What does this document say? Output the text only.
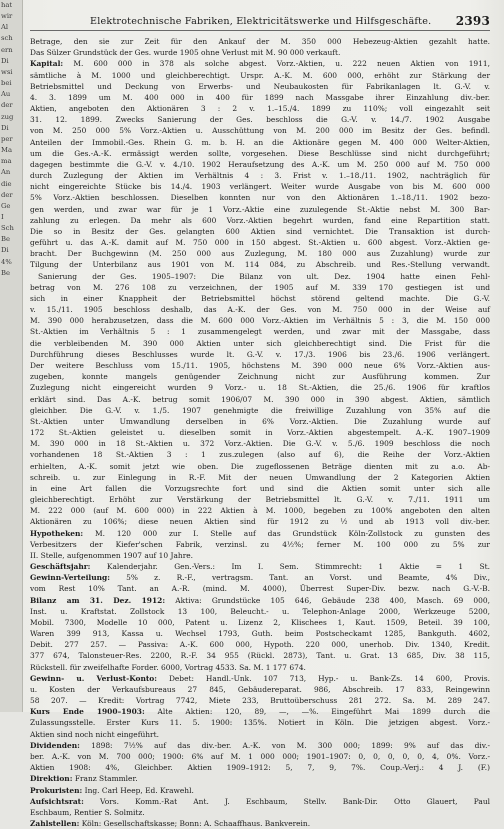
hat
wir
Al
sch
ern
Di
wsi
bei
Au
der
zug
Di
per
Ma
ma
An
die
der
Ge
I
Sch
Be
Di
4%
Be
Elektrotechnische Fabriken, Elektricitätswerke und Hilfsgeschäfte. 2393
Betrage, den sie zur Zeit für den Ankauf der M. 350 000 Hebezeug-Aktien gezahlt hatte.
Das Sülzer Grundstück der Ges. wurde 1905 ohne Verlust mit M. 90 000 verkauft.
Kapital: M. 600 000 in 378 als solche abgest. Vorz.-Aktien, u. 222 neuen Aktien von 1911,
sämtliche à M. 1000 und gleichberechtigt. Urspr. A.-K. M. 600 000, erhöht zur Stärkung der
Betriebsmittel und Deckung von Erwerbs- und Neubaukosten für Fabrikanlagen lt. G.-V. v.
4. 3. 1899 um M. 400 000 in 400 für 1899 nach Massgabe ihrer Einzahlung div.-ber.
Aktien, angeboten den Aktionären 3 : 2 v. 1.–15./4. 1899 zu 110%; voll eingezahlt seit
31. 12. 1899. Zwecks Sanierung der Ges. beschloss die G.-V. v. 14./7. 1902 Ausgabe
von M. 250 000 5% Vorz.-Aktien u. Ausschüttung von M. 200 000 im Besitz der Ges. befindl.
Anteilen der Immobil.-Ges. Rhein G. m. b. H. an die Aktionäre gegen M. 400 000 Welter-Aktien,
um die Ges.-A.-K. ermässigt werden sollte, vorgesehen. Diese Beschlüsse sind nicht durchgeführt;
dagegen bestimmte die G.-V. v. 4./10. 1902 Heraufsetzung des A.-K. um M. 250 000 auf M. 750 000
durch Zuzlegung der Aktien im Verhältnis 4 : 3. Frist v. 1.–18./11. 1902, nachträglich für
nicht eingereichte Stücke bis 14./4. 1903 verlängert. Weiter wurde Ausgabe von bis M. 600 000
5% Vorz.-Aktien beschlossen. Dieselben konnten nur von den Aktionären 1.–18./11. 1902 bezo-
gen werden, und zwar war für je 1 Vorz.-Aktie eine zuzulegende St.-Aktie nebst M. 300 Bar-
zahlung zu erlegen. Da mehr als 600 Vorz.-Aktien begehrt wurden, fand eine Repartition statt.
Die so in Besitz der Ges. gelangten 600 Aktien sind vernichtet. Die Transaktion ist durch-
geführt u. das A.-K. damit auf M. 750 000 in 150 abgest. St.-Aktien u. 600 abgest. Vorz.-Aktien ge-
bracht. Der Buchgewinn (M. 250 000 aus Zuzlegung, M. 180 000 aus Zuzahlung) wurde zur
Tilgung der Unterbilanz aus 1901 von M. 114 084, zu Abschreib. und Res.-Stellung verwandt.
Sanierung der Ges. 1905–1907: Die Bilanz von ult. Dez. 1904 hatte einen Fehl-
betrag von M. 276 108 zu verzeichnen, der 1905 auf M. 339 170 gestiegen ist und
sich in einer Knappheit der Betriebsmittel höchst störend geltend machte. Die G.-V.
v. 15./11. 1905 beschloss deshalb, das A.-K. der Ges. von M. 750 000 in der Weise auf
M. 390 000 herabzusetzen, dass die M. 600 000 Vorz.-Aktien im Verhältnis 5 : 3, die M. 150 000
St.-Aktien im Verhältnis 5 : 1 zusammengelegt werden, und zwar mit der Massgabe, dass
die verbleibenden M. 390 000 Aktien unter sich gleichberechtigt sind. Die Frist für die
Durchführung dieses Beschlusses wurde lt. G.-V. v. 17./3. 1906 bis 23./6. 1906 verlängert.
Der weitere Beschluss vom 15./11. 1905, höchstens M. 390 000 neue 6% Vorz.-Aktien aus-
zugeben, konnte mangels genügender Zeichnung nicht zur Ausführung kommen. Zur
Zuzlegung nicht eingereicht wurden 9 Vorz.- u. 18 St.-Aktien, die 25./6. 1906 für kraftlos
erklärt sind. Das A.-K. betrug somit 1906/07 M. 390 000 in 390 abgest. Aktien, sämtlich
gleichber. Die G.-V. v. 1./5. 1907 genehmigte die freiwillige Zuzahlung von 35% auf die
St.-Aktien unter Umwandlung derselben in 6% Vorz.-Aktien. Die Zuzahlung wurde auf
172 St.-Aktien geleistet u. dieselben somit in Vorz.-Aktien abgestempelt. A.-K. 1907–1909
M. 390 000 in 18 St.-Aktien u. 372 Vorz.-Aktien. Die G.-V. v. 5./6. 1909 beschloss die noch
vorhandenen 18 St.-Aktien 3 : 1 zus.zulegen (also auf 6), die Reihe der Vorz.-Aktien
erhielten, A.-K. somit jetzt wie oben. Die zugeflossenen Beträge dienten mit zu a.o. Ab-
schreib. u. zur Einlegung in R.-F. Mit der neuen Umwandlung der 2 Kategorien Aktien
in eine Art fallen die Vorzugsrechte fort und sind die Aktien somit unter sich alle
gleichberechtigt. Erhöht zur Verstärkung der Betriebsmittel lt. G.-V. v. 7./11. 1911 um
M. 222 000 (auf M. 600 000) in 222 Aktien à M. 1000, begeben zu 100% angeboten den alten
Aktionären zu 106%; diese neuen Aktien sind für 1912 zu ½ und ab 1913 voll div.-ber.
Hypotheken: M. 120 000 zur I. Stelle auf das Grundstück Köln-Zollstock zu gunsten des
Verbesitzers der Kiefer'schen Fabrik, verzinsl. zu 4½%; ferner M. 100 000 zu 5% zur
II. Stelle, aufgenommen 1907 auf 10 Jahre.
Geschäftsjahr: Kalenderjahr. Gen.-Vers.: Im I. Sem. Stimmrecht: 1 Aktie = 1 St.
Gewinn-Verteilung: 5% z. R.-F., vertragsm. Tant. an Vorst. und Beamte, 4% Div.,
vom Rest 10% Tant. an A.-R. (mind. M. 4000), Überrest Super-Div. bezw. nach G.-V.-B.
Bilanz am 31. Dez. 1912: Aktiva: Grundstücke 105 646, Gebäude 238 400, Masch. 69 000,
Inst. u. Kraftstat. Zollstock 13 100, Beleucht.- u. Telephon-Anlage 2000, Werkzeuge 5200,
Mobil. 7300, Modelle 10 000, Patent u. Lizenz 2, Klischees 1, Kaut. 1509, Beteil. 39 100,
Waren 399 913, Kassa u. Wechsel 1793, Guth. beim Postscheckamt 1285, Bankguth. 4602,
Debit. 277 257. — Passiva: A.-K. 600 000, Hypoth. 220 000, unerhob. Div. 1340, Kredit.
377 674, Talonsteuer-Res. 2200, R.-F. 34 955 (Rückl. 2873), Tant. u. Grat. 13 685, Div. 38 115,
Rückstell. für zweifelhafte Forder. 6000, Vortrag 4533. Sa. M. 1 177 674.
Gewinn- u. Verlust-Konto: Debet: Handl.-Unk. 107 713, Hyp.- u. Bank-Zs. 14 600, Provis.
u. Kosten der Verkaufsbureaus 27 845, Gebäudereparat. 986, Abschreib. 17 833, Reingewinn
58 207. — Kredit: Vortrag 7742, Miete 233, Bruttoüberschuss 281 272. Sa. M. 289 247.
Kurs Ende 1900–1903: Alte Aktien: 120, 89, —, —%. Eingeführt Mai 1899 durch die
Zulassungsstelle. Erster Kurs 11. 5. 1900: 135%. Notiert in Köln. Die jetzigen abgest. Vorz.-
Aktien sind noch nicht eingeführt.
Dividenden: 1898: 7½% auf das div.-ber. A.-K. von M. 300 000; 1899: 9% auf das div.-
ber. A.-K. von M. 700 000; 1900: 6% auf M. 1 000 000; 1901–1907: 0, 0, 0, 0, 0, 4, 0%. Vorz.-
Aktien 1908: 4%, Gleichber. Aktien 1909–1912: 5, 7, 9, 7%. Coup.-Verj.: 4 J. (F.)
Direktion: Franz Stammler.
Prokuristen: Ing. Carl Heep, Ed. Krawehl.
Aufsichtsrat: Vors. Komm.-Rat Ant. J. Eschbaum, Stellv. Bank-Dir. Otto Glauert, Paul
Eschbaum, Rentier S. Solmitz.
Zahlstellen: Köln: Gesellschaftskasse; Bonn: A. Schaaffhaus. Bankverein.
